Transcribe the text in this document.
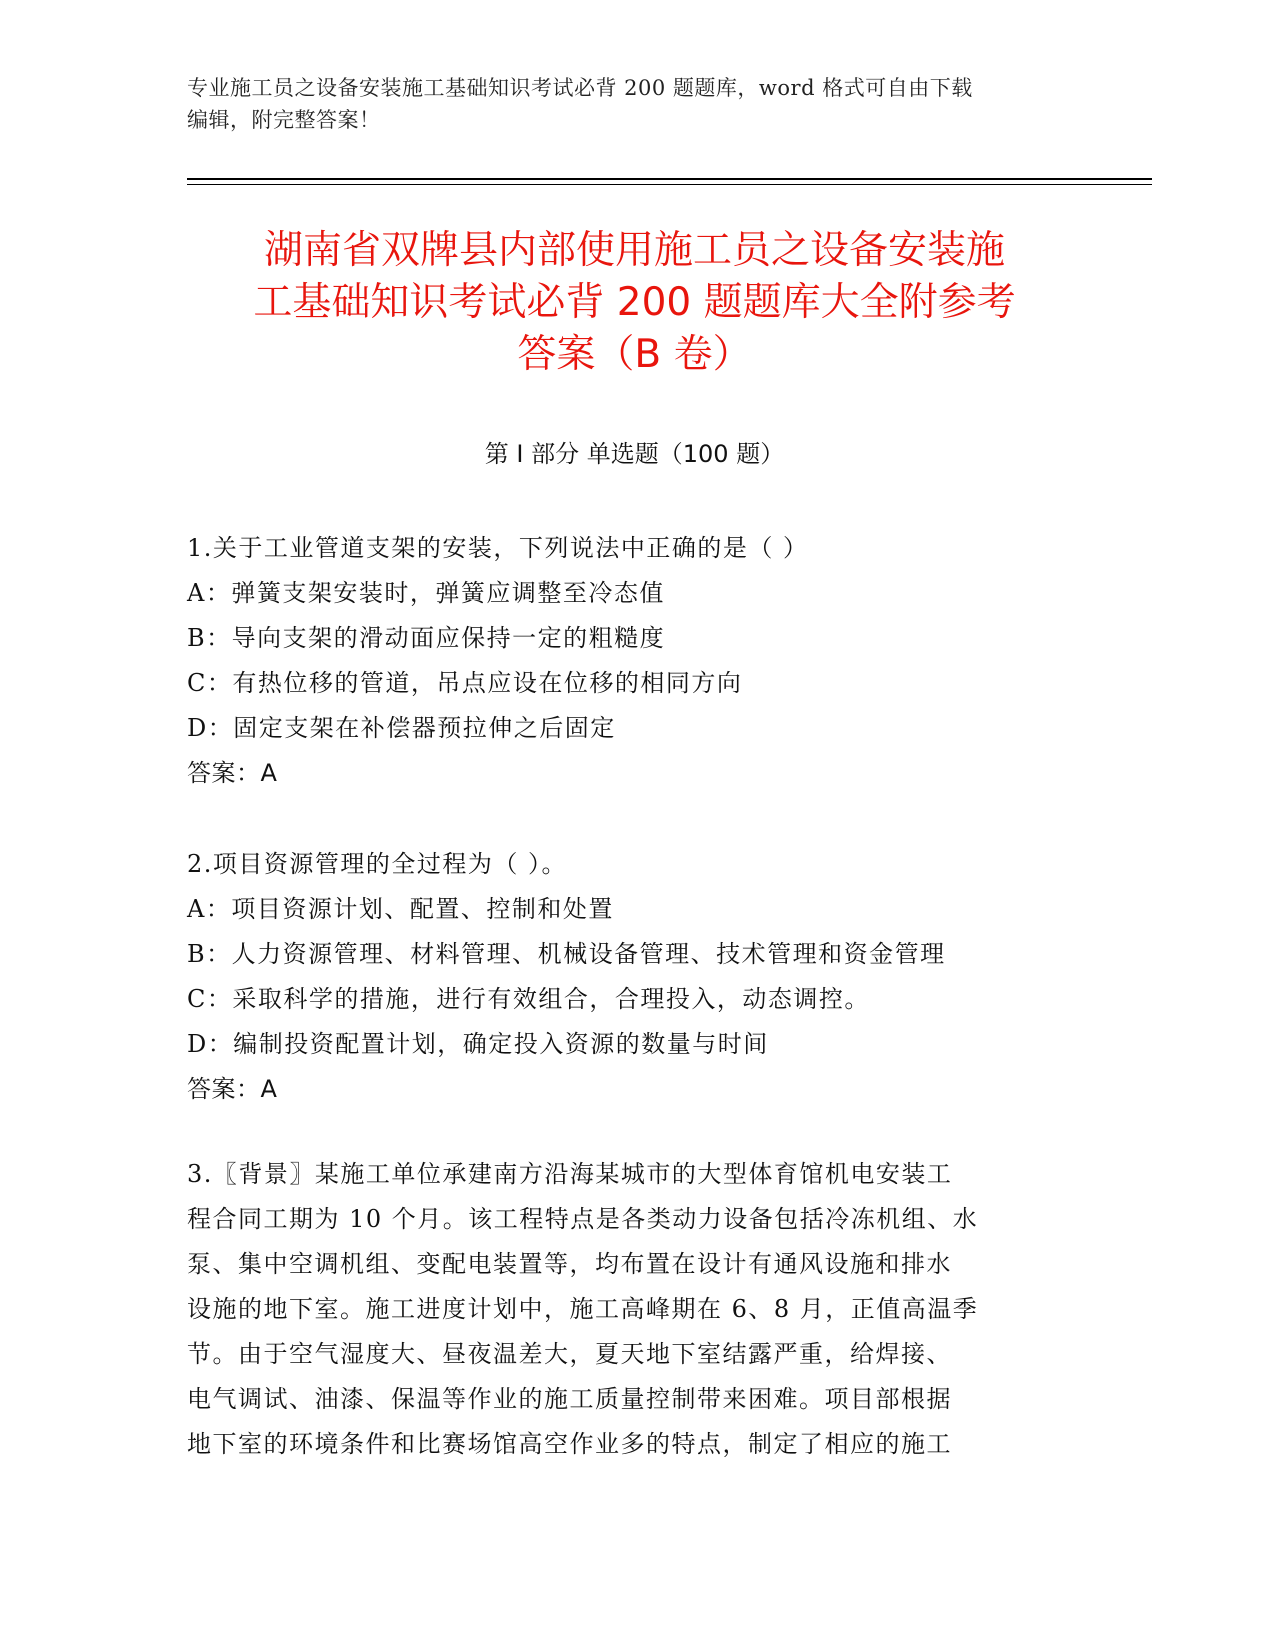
专业施工员之设备安装施工基础知识考试必背 200 题题库，word 格式可自由下载
编辑，附完整答案！
湖南省双牌县内部使用施工员之设备安装施
工基础知识考试必背 200 题题库大全附参考
答案（B 卷）
第 I 部分 单选题（100 题）
1.关于工业管道支架的安装，下列说法中正确的是（ ）
A：弹簧支架安装时，弹簧应调整至冷态值
B：导向支架的滑动面应保持一定的粗糙度
C：有热位移的管道，吊点应设在位移的相同方向
D：固定支架在补偿器预拉伸之后固定
答案：A
2.项目资源管理的全过程为（ ）。
A：项目资源计划、配置、控制和处置
B：人力资源管理、材料管理、机械设备管理、技术管理和资金管理
C：采取科学的措施，进行有效组合，合理投入，动态调控。
D：编制投资配置计划，确定投入资源的数量与时间
答案：A
3.〖背景〗某施工单位承建南方沿海某城市的大型体育馆机电安装工
程合同工期为 10 个月。该工程特点是各类动力设备包括冷冻机组、水
泵、集中空调机组、变配电装置等，均布置在设计有通风设施和排水
设施的地下室。施工进度计划中，施工高峰期在 6、8 月，正值高温季
节。由于空气湿度大、昼夜温差大，夏天地下室结露严重，给焊接、
电气调试、油漆、保温等作业的施工质量控制带来困难。项目部根据
地下室的环境条件和比赛场馆高空作业多的特点，制定了相应的施工
